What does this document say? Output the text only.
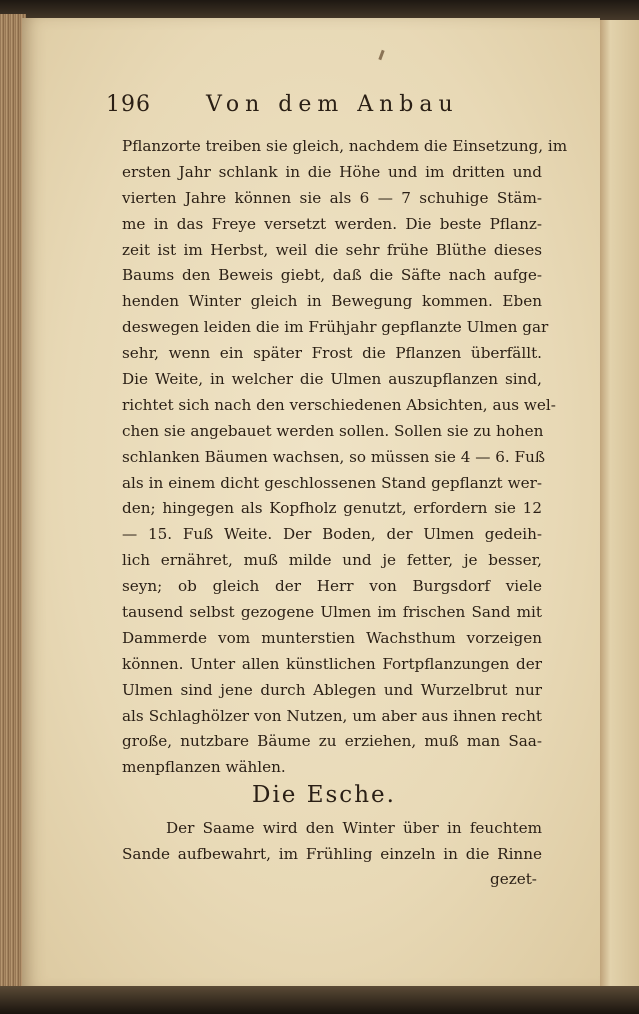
196	Von dem Anbau
Pflanzorte treiben sie gleich, nachdem die Einsetzung, im
ersten Jahr schlank in die Höhe und im dritten und
vierten Jahre können sie als 6 — 7 schuhige Stäm-
me in das Freye versetzt werden. Die beste Pflanz-
zeit ist im Herbst, weil die sehr frühe Blüthe dieses
Baums den Beweis giebt, daß die Säfte nach aufge-
henden Winter gleich in Bewegung kommen. Eben
deswegen leiden die im Frühjahr gepflanzte Ulmen gar
sehr, wenn ein später Frost die Pflanzen überfällt.
Die Weite, in welcher die Ulmen auszupflanzen sind,
richtet sich nach den verschiedenen Absichten, aus wel-
chen sie angebauet werden sollen. Sollen sie zu hohen
schlanken Bäumen wachsen, so müssen sie 4 — 6. Fuß
als in einem dicht geschlossenen Stand gepflanzt wer-
den; hingegen als Kopfholz genutzt, erfordern sie 12
— 15. Fuß Weite. Der Boden, der Ulmen gedeih-
lich ernähret, muß milde und je fetter, je besser,
seyn; ob gleich der Herr von Burgsdorf viele
tausend selbst gezogene Ulmen im frischen Sand mit
Dammerde vom munterstien Wachsthum vorzeigen
können. Unter allen künstlichen Fortpflanzungen der
Ulmen sind jene durch Ablegen und Wurzelbrut nur
als Schlaghölzer von Nutzen, um aber aus ihnen recht
große, nutzbare Bäume zu erziehen, muß man Saa-
menpflanzen wählen.
Die Esche.
Der Saame wird den Winter über in feuchtem
Sande aufbewahrt, im Frühling einzeln in die Rinne
gezet-
